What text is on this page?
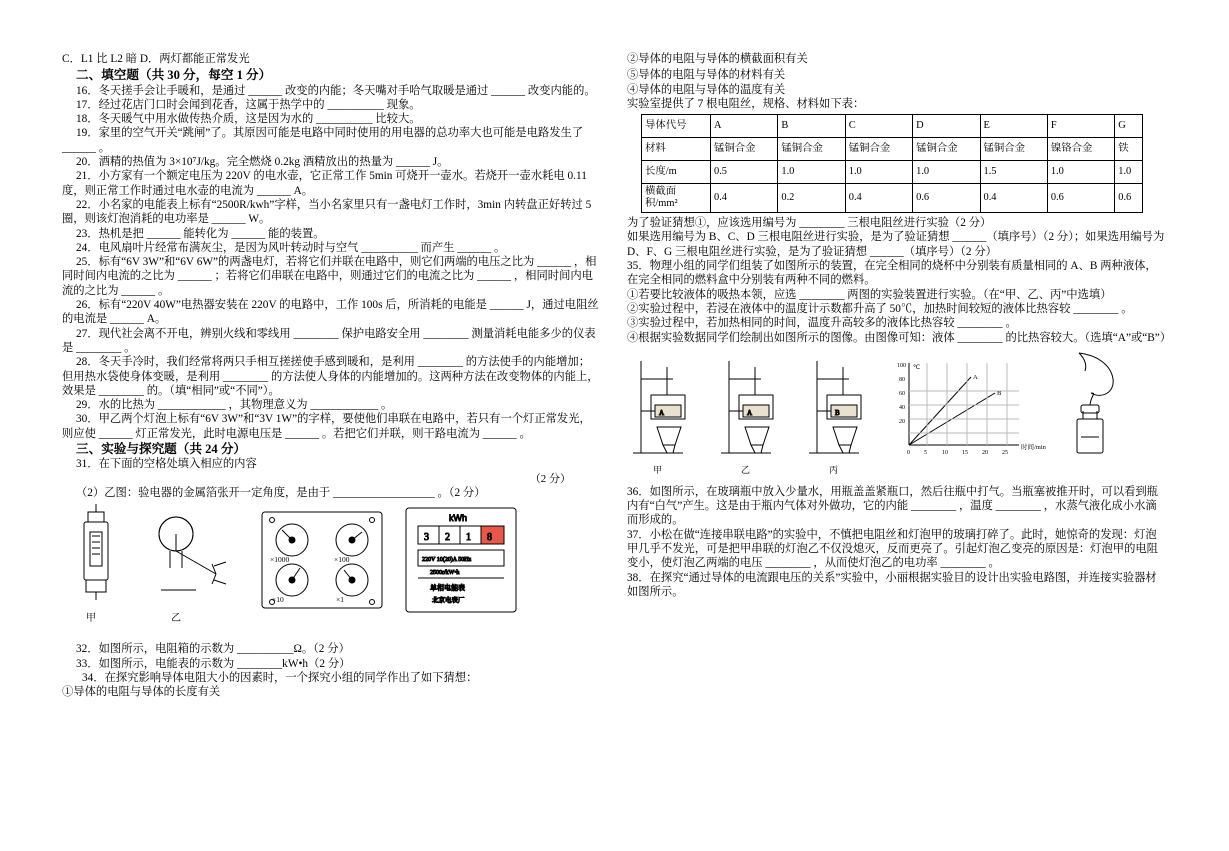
C．L1 比 L2 暗 D．两灯都能正常发光

二、填空题（共 30 分，每空 1 分）

16．冬天搓手会让手暖和，是通过 ______ 改变的内能；冬天嘴对手哈气取暖是通过 ______ 改变内能的。

17．经过花店门口时会闻到花香，这属于热学中的 __________ 现象。

18．冬天暖气中用水做传热介质，这是因为水的 __________ 比较大。

19．家里的空气开关“跳闸”了。其原因可能是电路中同时使用的用电器的总功率大也可能是电路发生了 ______ 。

20．酒精的热值为 3×10⁷J/kg。完全燃烧 0.2kg 酒精放出的热量为 ______ J。

21．小方家有一个额定电压为 220V 的电水壶，它正常工作 5min 可烧开一壶水。若烧开一壶水耗电 0.11 度，则正常工作时通过电水壶的电流为 ______ A。

22．小名家的电能表上标有“2500R/kwh”字样，当小名家里只有一盏电灯工作时，3min 内转盘正好转过 5 圈，则该灯泡消耗的电功率是 ______ W。

23．热机是把 ______ 能转化为 ______ 能的装置。

24．电风扇叶片经常布满灰尘，是因为风叶转动时与空气 __________ 而产生 ______ 。

25．标有“6V 3W”和“6V 6W”的两盏电灯，若将它们并联在电路中，则它们两端的电压之比为 ______ ，相同时间内电流的之比为 ______ ；若将它们串联在电路中，则通过它们的电流之比为 ______ ，相同时间内电流的之比为 ______ 。

26．标有“220V 40W”电热器安装在 220V 的电路中，工作 100s 后，所消耗的电能是 ______ J，通过电阻丝的电流是 ______ A。

27．现代社会离不开电，辨别火线和零线用 ________ 保护电路安全用 ________ 测量消耗电能多少的仪表是 ________ 。

28．冬天手冷时，我们经常将两只手相互搓搓使手感到暖和，是利用 ________ 的方法使手的内能增加；但用热水袋使身体变暖，是利用 ________ 的方法使人身体的内能增加的。这两种方法在改变物体的内能上，效果是 ________ 的。（填“相同”或“不同”）。

29．水的比热为 ____________ ，其物理意义为 ____________ 。

30．甲乙两个灯泡上标有“6V 3W”和“3V 1W”的字样，要使他们串联在电路中，若只有一个灯正常发光，则应使 ______ 灯正常发光，此时电源电压是 ______ 。若把它们并联，则干路电流为 ______ 。

三、实验与探究题（共 24 分）

31．在下面的空格处填入相应的内容

（2 分）

（2）乙图：验电器的金属箔张开一定角度，是由于 __________________ 。（2 分）

×1000	×100
×10	×1
kWh
3 2 1 8
220V 10(20)A 50Hz
2500r/kW•h
单相电能表
北京电表厂
甲	乙

32．如图所示，电阻箱的示数为 __________Ω。（2 分）

33．如图所示，电能表的示数为 ________kW•h（2 分）

34．在探究影响导体电阻大小的因素时，一个探究小组的同学作出了如下猜想：

①导体的电阻与导体的长度有关

②导体的电阻与导体的横截面积有关

⑤导体的电阻与导体的材料有关

④导体的电阻与导体的温度有关

实验室提供了 7 根电阻丝，规格、材料如下表：

导体代号	A	B	C	D	E	F	G
材料	锰铜合金	锰铜合金	锰铜合金	锰铜合金	锰铜合金	镍铬合金	铁
长度/m	0.5	1.0	1.0	1.0	1.5	1.0	1.0
横截面积/mm²	0.4	0.2	0.4	0.6	0.4	0.6	0.6

为了验证猜想①，应该选用编号为 ________ 三根电阻丝进行实验（2 分）

如果选用编号为 B、C、D 三根电阻丝进行实验，是为了验证猜想 ______（填序号）（2 分）；如果选用编号为 D、F、G 三根电阻丝进行实验，是为了验证猜想 ______（填序号）（2 分）

35．物理小组的同学们组装了如图所示的装置，在完全相同的烧杯中分别装有质量相同的 A、B 两种液体，在完全相同的燃料盒中分别装有两种不同的燃料。

①若要比较液体的吸热本领，应选 ________ 两图的实验装置进行实验。（在“甲、乙、丙”中选填）

②实验过程中，若浸在液体中的温度计示数都升高了 50℃，加热时间较短的液体比热容较 ________ 。

③实验过程中，若加热相同的时间，温度升高较多的液体比热容较 ________ 。

④根据实验数据同学们绘制出如图所示的图像。由图像可知：液体 ________ 的比热容较大。（选填“A”或“B”）

A	A	B
℃
100
80
60
40
20
0 5	10 15 20 25
时间/min
A
B
甲	乙	丙

36．如图所示，在玻璃瓶中放入少量水，用瓶盖盖紧瓶口，然后往瓶中打气。当瓶塞被推开时，可以看到瓶内有“白气”产生。这是由于瓶内气体对外做功，它的内能 ________ ，温度 ________ ，水蒸气液化成小水滴而形成的。

37．小松在做“连接串联电路”的实验中，不慎把电阻丝和灯泡甲的玻璃打碎了。此时，她惊奇的发现：灯泡甲几乎不发光，可是把甲串联的灯泡乙不仅没熄灭，反而更亮了。引起灯泡乙变亮的原因是：灯泡甲的电阻变小，使灯泡乙两端的电压 ________ ，从而使灯泡乙的电功率 ________ 。

38．在探究“通过导体的电流跟电压的关系”实验中，小丽根据实验目的设计出实验电路图，并连接实验器材如图所示。
